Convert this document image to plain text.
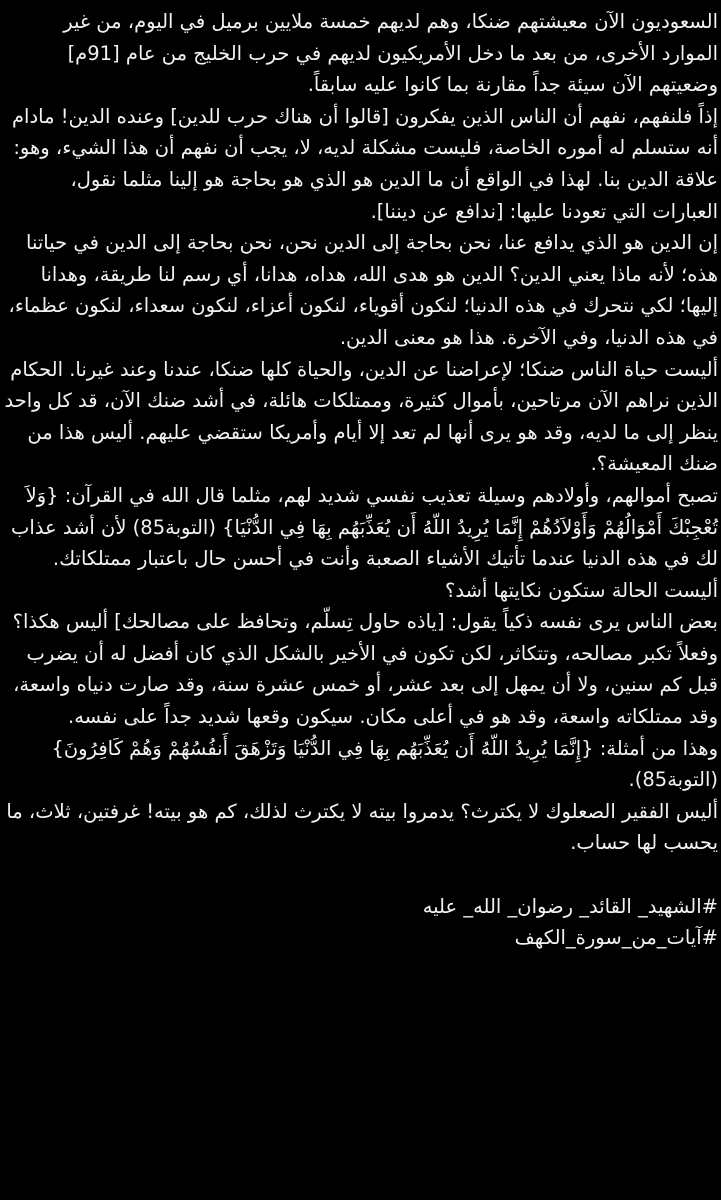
السعوديون الآن معيشتهم ضنكا، وهم لديهم خمسة ملايين برميل في اليوم، من غير الموارد الأخرى، من بعد ما دخل الأمريكيون لديهم في حرب الخليج من عام [91م] وضعيتهم الآن سيئة جداً مقارنة بما كانوا عليه سابقاً.

إذاً فلنفهم، نفهم أن الناس الذين يفكرون [قالوا أن هناك حرب للدين] وعنده الدين! مادام أنه ستسلم له أموره الخاصة، فليست مشكلة لديه، لا، يجب أن نفهم أن هذا الشيء، وهو: علاقة الدين بنا. لهذا في الواقع أن ما الدين هو الذي هو بحاجة هو إلينا مثلما نقول، العبارات التي تعودنا عليها: [ندافع عن ديننا].

إن الدين هو الذي يدافع عنا، نحن بحاجة إلى الدين نحن، نحن بحاجة إلى الدين في حياتنا هذه؛ لأنه ماذا يعني الدين؟ الدين هو هدى الله، هداه، هدانا، أي رسم لنا طريقة، وهدانا إليها؛ لكي نتحرك في هذه الدنيا؛ لنكون أقوياء، لنكون أعزاء، لنكون سعداء، لنكون عظماء، في هذه الدنيا، وفي الآخرة. هذا هو معنى الدين.

أليست حياة الناس ضنكا؛ لإعراضنا عن الدين، والحياة كلها ضنكا، عندنا وعند غيرنا. الحكام الذين نراهم الآن مرتاحين، بأموال كثيرة، وممتلكات هائلة، في أشد ضنك الآن، قد كل واحد ينظر إلى ما لديه، وقد هو يرى أنها لم تعد إلا أيام وأمريكا ستقضي عليهم. أليس هذا من ضنك المعيشة؟.

تصبح أموالهم، وأولادهم وسيلة تعذيب نفسي شديد لهم، مثلما قال الله في القرآن: {وَلاَ تُعْجِبْكَ أَمْوَالُهُمْ وَأَوْلاَدُهُمْ إِنَّمَا يُرِيدُ اللّهُ أَن يُعَذِّبَهُم بِهَا فِي الدُّنْيَا} (التوبة85) لأن أشد عذاب لك في هذه الدنيا عندما تأتيك الأشياء الصعبة وأنت في أحسن حال باعتبار ممتلكاتك. أليست الحالة ستكون نكايتها أشد؟

بعض الناس يرى نفسه ذكياً يقول: [ياذه حاول تِسلّم، وتحافظ على مصالحك] أليس هكذا؟ وفعلاً تكبر مصالحه، وتتكاثر، لكن تكون في الأخير بالشكل الذي كان أفضل له أن يضرب قبل كم سنين، ولا أن يمهل إلى بعد عشر، أو خمس عشرة سنة، وقد صارت دنياه واسعة، وقد ممتلكاته واسعة، وقد هو في أعلى مكان. سيكون وقعها شديد جداً على نفسه.

وهذا من أمثلة: {إِنَّمَا يُرِيدُ اللّهُ أَن يُعَذِّبَهُم بِهَا فِي الدُّنْيَا وَتَزْهَقَ أَنفُسُهُمْ وَهُمْ كَافِرُونَ}(التوبة85).

أليس الفقير الصعلوك لا يكترث؟ يدمروا بيته لا يكترث لذلك، كم هو بيته! غرفتين، ثلاث، ما يحسب لها حساب.

#الشهيد_ القائد_ رضوان_ الله_ عليه

#آيات_من_سورة_الكهف
